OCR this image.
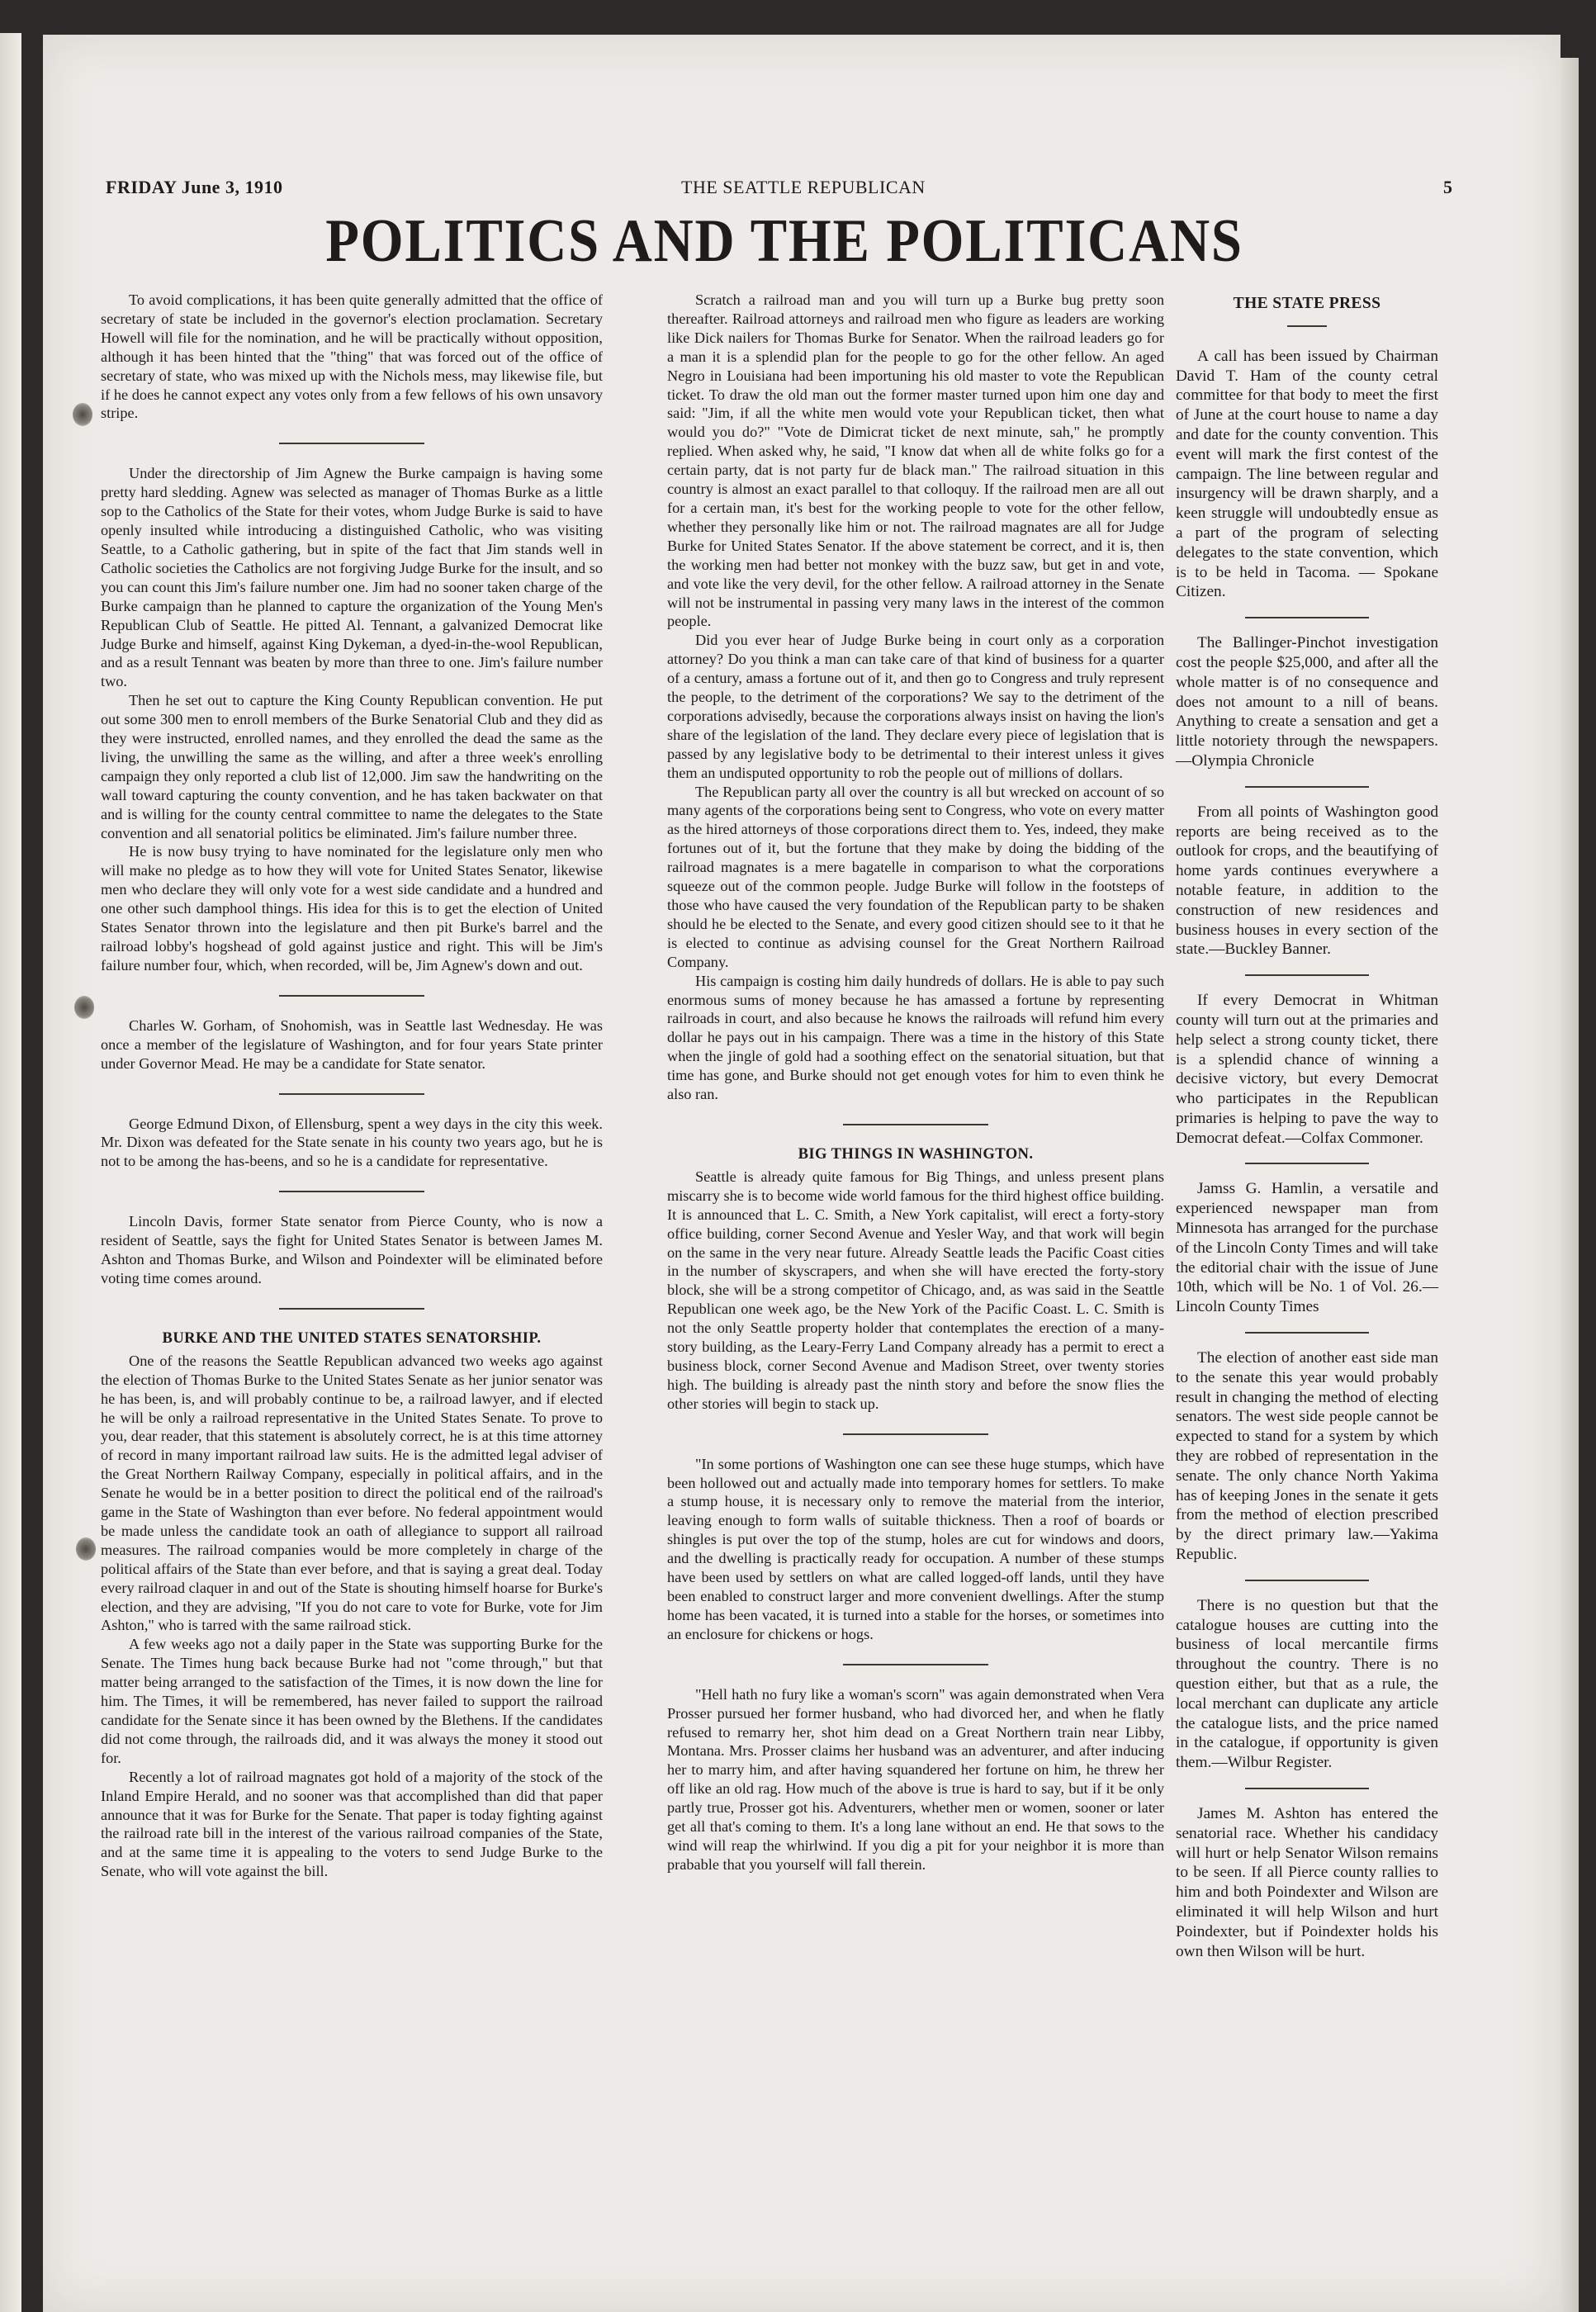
FRIDAY June 3, 1910	THE SEATTLE REPUBLICAN	5
POLITICS AND THE POLITICANS

To avoid complications, it has been quite generally admitted that the office of secretary of state be included in the governor's election proclamation. Secretary Howell will file for the nomination, and he will be practically without opposition, although it has been hinted that the "thing" that was forced out of the office of secretary of state, who was mixed up with the Nichols mess, may likewise file, but if he does he cannot expect any votes only from a few fellows of his own unsavory stripe.

Under the directorship of Jim Agnew the Burke campaign is having some pretty hard sledding. Agnew was selected as manager of Thomas Burke as a little sop to the Catholics of the State for their votes, whom Judge Burke is said to have openly insulted while introducing a distinguished Catholic, who was visiting Seattle, to a Catholic gathering, but in spite of the fact that Jim stands well in Catholic societies the Catholics are not forgiving Judge Burke for the insult, and so you can count this Jim's failure number one. Jim had no sooner taken charge of the Burke campaign than he planned to capture the organization of the Young Men's Republican Club of Seattle. He pitted Al. Tennant, a galvanized Democrat like Judge Burke and himself, against King Dykeman, a dyed-in-the-wool Republican, and as a result Tennant was beaten by more than three to one. Jim's failure number two.

Then he set out to capture the King County Republican convention. He put out some 300 men to enroll members of the Burke Senatorial Club and they did as they were instructed, enrolled names, and they enrolled the dead the same as the living, the unwilling the same as the willing, and after a three week's enrolling campaign they only reported a club list of 12,000. Jim saw the handwriting on the wall toward capturing the county convention, and he has taken backwater on that and is willing for the county central committee to name the delegates to the State convention and all senatorial politics be eliminated. Jim's failure number three.

He is now busy trying to have nominated for the legislature only men who will make no pledge as to how they will vote for United States Senator, likewise men who declare they will only vote for a west side candidate and a hundred and one other such damphool things. His idea for this is to get the election of United States Senator thrown into the legislature and then pit Burke's barrel and the railroad lobby's hogshead of gold against justice and right. This will be Jim's failure number four, which, when recorded, will be, Jim Agnew's down and out.

Charles W. Gorham, of Snohomish, was in Seattle last Wednesday. He was once a member of the legislature of Washington, and for four years State printer under Governor Mead. He may be a candidate for State senator.

George Edmund Dixon, of Ellensburg, spent a wey days in the city this week. Mr. Dixon was defeated for the State senate in his county two years ago, but he is not to be among the has-beens, and so he is a candidate for representative.

Lincoln Davis, former State senator from Pierce County, who is now a resident of Seattle, says the fight for United States Senator is between James M. Ashton and Thomas Burke, and Wilson and Poindexter will be eliminated before voting time comes around.

BURKE AND THE UNITED STATES SENATORSHIP.

One of the reasons the Seattle Republican advanced two weeks ago against the election of Thomas Burke to the United States Senate as her junior senator was he has been, is, and will probably continue to be, a railroad lawyer, and if elected he will be only a railroad representative in the United States Senate. To prove to you, dear reader, that this statement is absolutely correct, he is at this time attorney of record in many important railroad law suits. He is the admitted legal adviser of the Great Northern Railway Company, especially in political affairs, and in the Senate he would be in a better position to direct the political end of the railroad's game in the State of Washington than ever before. No federal appointment would be made unless the candidate took an oath of allegiance to support all railroad measures. The railroad companies would be more completely in charge of the political affairs of the State than ever before, and that is saying a great deal. Today every railroad claquer in and out of the State is shouting himself hoarse for Burke's election, and they are advising, "If you do not care to vote for Burke, vote for Jim Ashton," who is tarred with the same railroad stick.

A few weeks ago not a daily paper in the State was supporting Burke for the Senate. The Times hung back because Burke had not "come through," but that matter being arranged to the satisfaction of the Times, it is now down the line for him. The Times, it will be remembered, has never failed to support the railroad candidate for the Senate since it has been owned by the Blethens. If the candidates did not come through, the railroads did, and it was always the money it stood out for.

Recently a lot of railroad magnates got hold of a majority of the stock of the Inland Empire Herald, and no sooner was that accomplished than did that paper announce that it was for Burke for the Senate. That paper is today fighting against the railroad rate bill in the interest of the various railroad companies of the State, and at the same time it is appealing to the voters to send Judge Burke to the Senate, who will vote against the bill.

Scratch a railroad man and you will turn up a Burke bug pretty soon thereafter. Railroad attorneys and railroad men who figure as leaders are working like Dick nailers for Thomas Burke for Senator. When the railroad leaders go for a man it is a splendid plan for the people to go for the other fellow. An aged Negro in Louisiana had been importuning his old master to vote the Republican ticket. To draw the old man out the former master turned upon him one day and said: "Jim, if all the white men would vote your Republican ticket, then what would you do?" "Vote de Dimicrat ticket de next minute, sah," he promptly replied. When asked why, he said, "I know dat when all de white folks go for a certain party, dat is not party fur de black man." The railroad situation in this country is almost an exact parallel to that colloquy. If the railroad men are all out for a certain man, it's best for the working people to vote for the other fellow, whether they personally like him or not. The railroad magnates are all for Judge Burke for United States Senator. If the above statement be correct, and it is, then the working men had better not monkey with the buzz saw, but get in and vote, and vote like the very devil, for the other fellow. A railroad attorney in the Senate will not be instrumental in passing very many laws in the interest of the common people.

Did you ever hear of Judge Burke being in court only as a corporation attorney? Do you think a man can take care of that kind of business for a quarter of a century, amass a fortune out of it, and then go to Congress and truly represent the people, to the detriment of the corporations? We say to the detriment of the corporations advisedly, because the corporations always insist on having the lion's share of the legislation of the land. They declare every piece of legislation that is passed by any legislative body to be detrimental to their interest unless it gives them an undisputed opportunity to rob the people out of millions of dollars.

The Republican party all over the country is all but wrecked on account of so many agents of the corporations being sent to Congress, who vote on every matter as the hired attorneys of those corporations direct them to. Yes, indeed, they make fortunes out of it, but the fortune that they make by doing the bidding of the railroad magnates is a mere bagatelle in comparison to what the corporations squeeze out of the common people. Judge Burke will follow in the footsteps of those who have caused the very foundation of the Republican party to be shaken should he be elected to the Senate, and every good citizen should see to it that he is elected to continue as advising counsel for the Great Northern Railroad Company.

His campaign is costing him daily hundreds of dollars. He is able to pay such enormous sums of money because he has amassed a fortune by representing railroads in court, and also because he knows the railroads will refund him every dollar he pays out in his campaign. There was a time in the history of this State when the jingle of gold had a soothing effect on the senatorial situation, but that time has gone, and Burke should not get enough votes for him to even think he also ran.

BIG THINGS IN WASHINGTON.

Seattle is already quite famous for Big Things, and unless present plans miscarry she is to become wide world famous for the third highest office building. It is announced that L. C. Smith, a New York capitalist, will erect a forty-story office building, corner Second Avenue and Yesler Way, and that work will begin on the same in the very near future. Already Seattle leads the Pacific Coast cities in the number of skyscrapers, and when she will have erected the forty-story block, she will be a strong competitor of Chicago, and, as was said in the Seattle Republican one week ago, be the New York of the Pacific Coast. L. C. Smith is not the only Seattle property holder that contemplates the erection of a many-story building, as the Leary-Ferry Land Company already has a permit to erect a business block, corner Second Avenue and Madison Street, over twenty stories high. The building is already past the ninth story and before the snow flies the other stories will begin to stack up.

"In some portions of Washington one can see these huge stumps, which have been hollowed out and actually made into temporary homes for settlers. To make a stump house, it is necessary only to remove the material from the interior, leaving enough to form walls of suitable thickness. Then a roof of boards or shingles is put over the top of the stump, holes are cut for windows and doors, and the dwelling is practically ready for occupation. A number of these stumps have been used by settlers on what are called logged-off lands, until they have been enabled to construct larger and more convenient dwellings. After the stump home has been vacated, it is turned into a stable for the horses, or sometimes into an enclosure for chickens or hogs.

"Hell hath no fury like a woman's scorn" was again demonstrated when Vera Prosser pursued her former husband, who had divorced her, and when he flatly refused to remarry her, shot him dead on a Great Northern train near Libby, Montana. Mrs. Prosser claims her husband was an adventurer, and after inducing her to marry him, and after having squandered her fortune on him, he threw her off like an old rag. How much of the above is true is hard to say, but if it be only partly true, Prosser got his. Adventurers, whether men or women, sooner or later get all that's coming to them. It's a long lane without an end. He that sows to the wind will reap the whirlwind. If you dig a pit for your neighbor it is more than prabable that you yourself will fall therein.

THE STATE PRESS

A call has been issued by Chairman David T. Ham of the county cetral committee for that body to meet the first of June at the court house to name a day and date for the county convention. This event will mark the first contest of the campaign. The line between regular and insurgency will be drawn sharply, and a keen struggle will undoubtedly ensue as a part of the program of selecting delegates to the state convention, which is to be held in Tacoma. — Spokane Citizen.

The Ballinger-Pinchot investigation cost the people $25,000, and after all the whole matter is of no consequence and does not amount to a nill of beans. Anything to create a sensation and get a little notoriety through the newspapers.—Olympia Chronicle

From all points of Washington good reports are being received as to the outlook for crops, and the beautifying of home yards continues everywhere a notable feature, in addition to the construction of new residences and business houses in every section of the state.—Buckley Banner.

If every Democrat in Whitman county will turn out at the primaries and help select a strong county ticket, there is a splendid chance of winning a decisive victory, but every Democrat who participates in the Republican primaries is helping to pave the way to Democrat defeat.—Colfax Commoner.

Jamss G. Hamlin, a versatile and experienced newspaper man from Minnesota has arranged for the purchase of the Lincoln Conty Times and will take the editorial chair with the issue of June 10th, which will be No. 1 of Vol. 26.—Lincoln County Times

The election of another east side man to the senate this year would probably result in changing the method of electing senators. The west side people cannot be expected to stand for a system by which they are robbed of representation in the senate. The only chance North Yakima has of keeping Jones in the senate it gets from the method of election prescribed by the direct primary law.—Yakima Republic.

There is no question but that the catalogue houses are cutting into the business of local mercantile firms throughout the country. There is no question either, but that as a rule, the local merchant can duplicate any article the catalogue lists, and the price named in the catalogue, if opportunity is given them.—Wilbur Register.

James M. Ashton has entered the senatorial race. Whether his candidacy will hurt or help Senator Wilson remains to be seen. If all Pierce county rallies to him and both Poindexter and Wilson are eliminated it will help Wilson and hurt Poindexter, but if Poindexter holds his own then Wilson will be hurt.
